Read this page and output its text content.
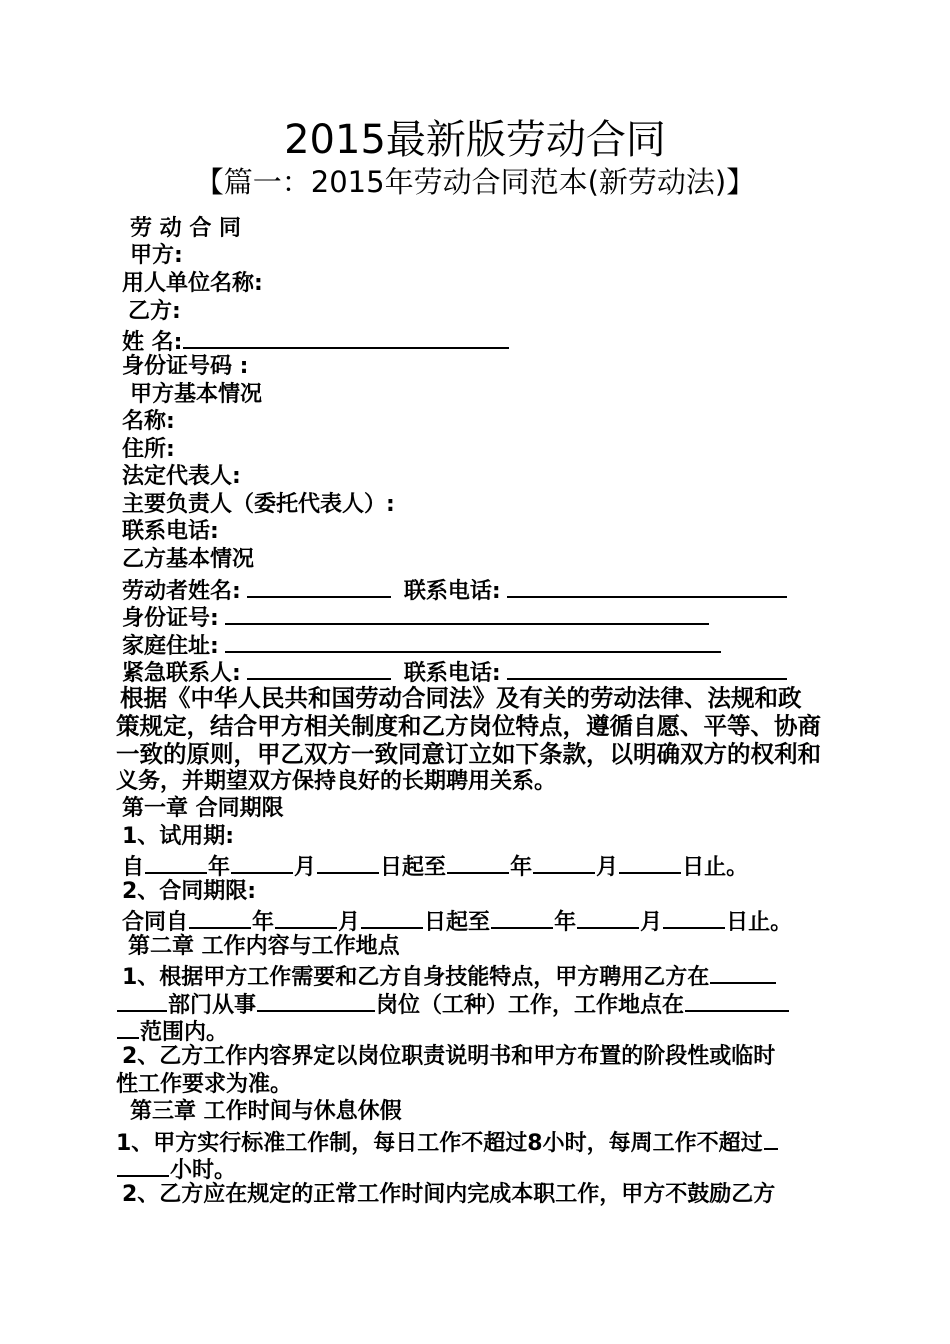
2015最新版劳动合同
【篇一：2015年劳动合同范本(新劳动法)】
劳 动 合 同
甲方:
用人单位名称:
乙方:
姓 名:
身份证号码 :
甲方基本情况
名称:
住所:
法定代表人:
主要负责人（委托代表人）:
联系电话:
乙方基本情况
劳动者姓名:	联系电话:
身份证号:
家庭住址:
紧急联系人:	联系电话:
根据《中华人民共和国劳动合同法》及有关的劳动法律、法规和政
策规定，结合甲方相关制度和乙方岗位特点，遵循自愿、平等、协商
一致的原则，甲乙双方一致同意订立如下条款，以明确双方的权利和
义务，并期望双方保持良好的长期聘用关系。
第一章 合同期限
1、试用期:
自	年	月	日起至	年	月	日止。
2、合同期限:
合同自	年	月	日起至	年	月	日止。
第二章 工作内容与工作地点
1、根据甲方工作需要和乙方自身技能特点，甲方聘用乙方在
部门从事	岗位（工种）工作，工作地点在
范围内。
2、乙方工作内容界定以岗位职责说明书和甲方布置的阶段性或临时
性工作要求为准。
第三章 工作时间与休息休假
1、甲方实行标准工作制，每日工作不超过8小时，每周工作不超过
小时。
2、乙方应在规定的正常工作时间内完成本职工作，甲方不鼓励乙方
